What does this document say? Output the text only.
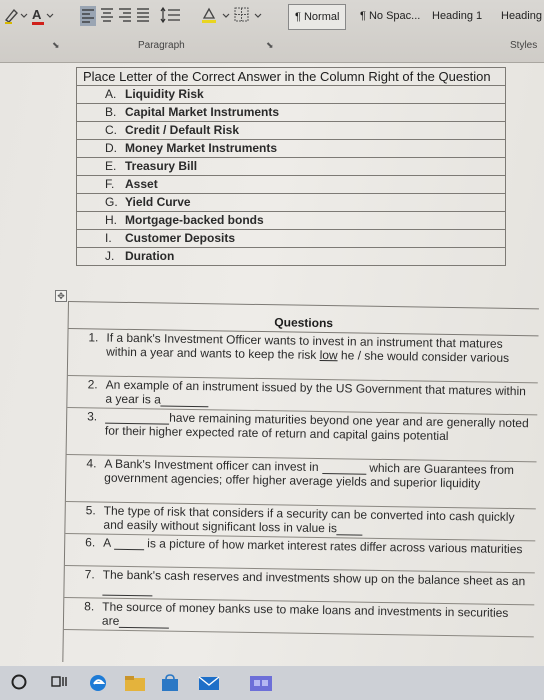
A	¶ Normal	¶ No Spac...	Heading 1	Heading
⬊	Paragraph	⬊	Styles
Place Letter of the Correct Answer in the Column Right of the Question
A. Liquidity Risk
B. Capital Market Instruments
C. Credit / Default Risk
D. Money Market Instruments
E. Treasury Bill
F. Asset
G. Yield Curve
H. Mortgage-backed bonds
I. Customer Deposits
J. Duration
✥
Questions
1. If a bank's Investment Officer wants to invest in an instrument that matures within a year and wants to keep the risk low he / she would consider various
2. An example of an instrument issued by the US Government that matures within a year is a
3.	have remaining maturities beyond one year and are generally noted for their higher expected rate of return and capital gains potential
4. A Bank's Investment officer can invest in	which are Guarantees from government agencies; offer higher average yields and superior liquidity
5. The type of risk that considers if a security can be converted into cash quickly and easily without significant loss in value is
6. A  is a picture of how market interest rates differ across various maturities
7. The bank's cash reserves and investments show up on the balance sheet as an
8. The source of money banks use to make loans and investments in securities are
